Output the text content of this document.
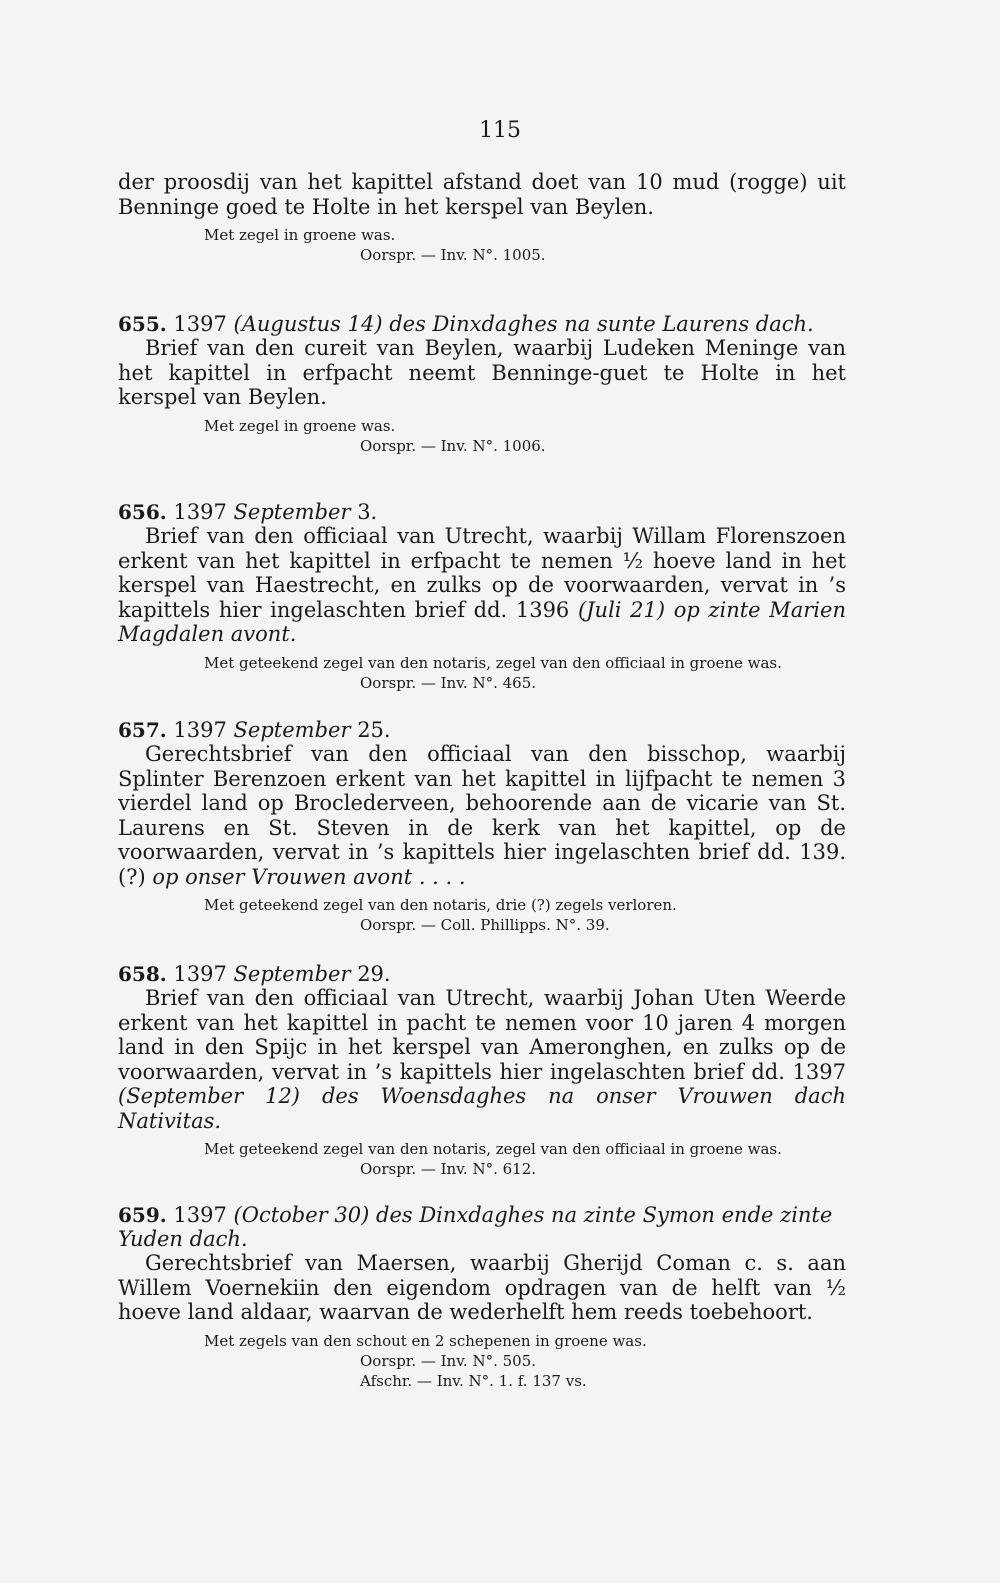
115
der proosdij van het kapittel afstand doet van 10 mud (rogge) uit Benninge goed te Holte in het kerspel van Beylen.
Met zegel in groene was.
Oorspr. — Inv. N°. 1005.
655. 1397 (Augustus 14) des Dinxdaghes na sunte Laurens dach.
Brief van den cureit van Beylen, waarbij Ludeken Meninge van het kapittel in erfpacht neemt Benninge-guet te Holte in het kerspel van Beylen.
Met zegel in groene was.
Oorspr. — Inv. N°. 1006.
656. 1397 September 3.
Brief van den officiaal van Utrecht, waarbij Willam Florenszoen erkent van het kapittel in erfpacht te nemen ½ hoeve land in het kerspel van Haestrecht, en zulks op de voorwaarden, vervat in ’s kapittels hier ingelaschten brief dd. 1396 (Juli 21) op zinte Marien Magdalen avont.
Met geteekend zegel van den notaris, zegel van den officiaal in groene was.
Oorspr. — Inv. N°. 465.
657. 1397 September 25.
Gerechtsbrief van den officiaal van den bisschop, waarbij Splinter Berenzoen erkent van het kapittel in lijfpacht te nemen 3 vierdel land op Broclederveen, behoorende aan de vicarie van St. Laurens en St. Steven in de kerk van het kapittel, op de voorwaarden, vervat in ’s kapittels hier ingelaschten brief dd. 139. (?) op onser Vrouwen avont . . . .
Met geteekend zegel van den notaris, drie (?) zegels verloren.
Oorspr. — Coll. Phillipps. N°. 39.
658. 1397 September 29.
Brief van den officiaal van Utrecht, waarbij Johan Uten Weerde erkent van het kapittel in pacht te nemen voor 10 jaren 4 morgen land in den Spijc in het kerspel van Ameronghen, en zulks op de voorwaarden, vervat in ’s kapittels hier ingelaschten brief dd. 1397 (September 12) des Woensdaghes na onser Vrouwen dach Nativitas.
Met geteekend zegel van den notaris, zegel van den officiaal in groene was.
Oorspr. — Inv. N°. 612.
659. 1397 (October 30) des Dinxdaghes na zinte Symon ende zinte Yuden dach.
Gerechtsbrief van Maersen, waarbij Gherijd Coman c. s. aan Willem Voernekiin den eigendom opdragen van de helft van ½ hoeve land aldaar, waarvan de wederhelft hem reeds toebehoort.
Met zegels van den schout en 2 schepenen in groene was.
Oorspr. — Inv. N°. 505.
Afschr. — Inv. N°. 1. f. 137 vs.
